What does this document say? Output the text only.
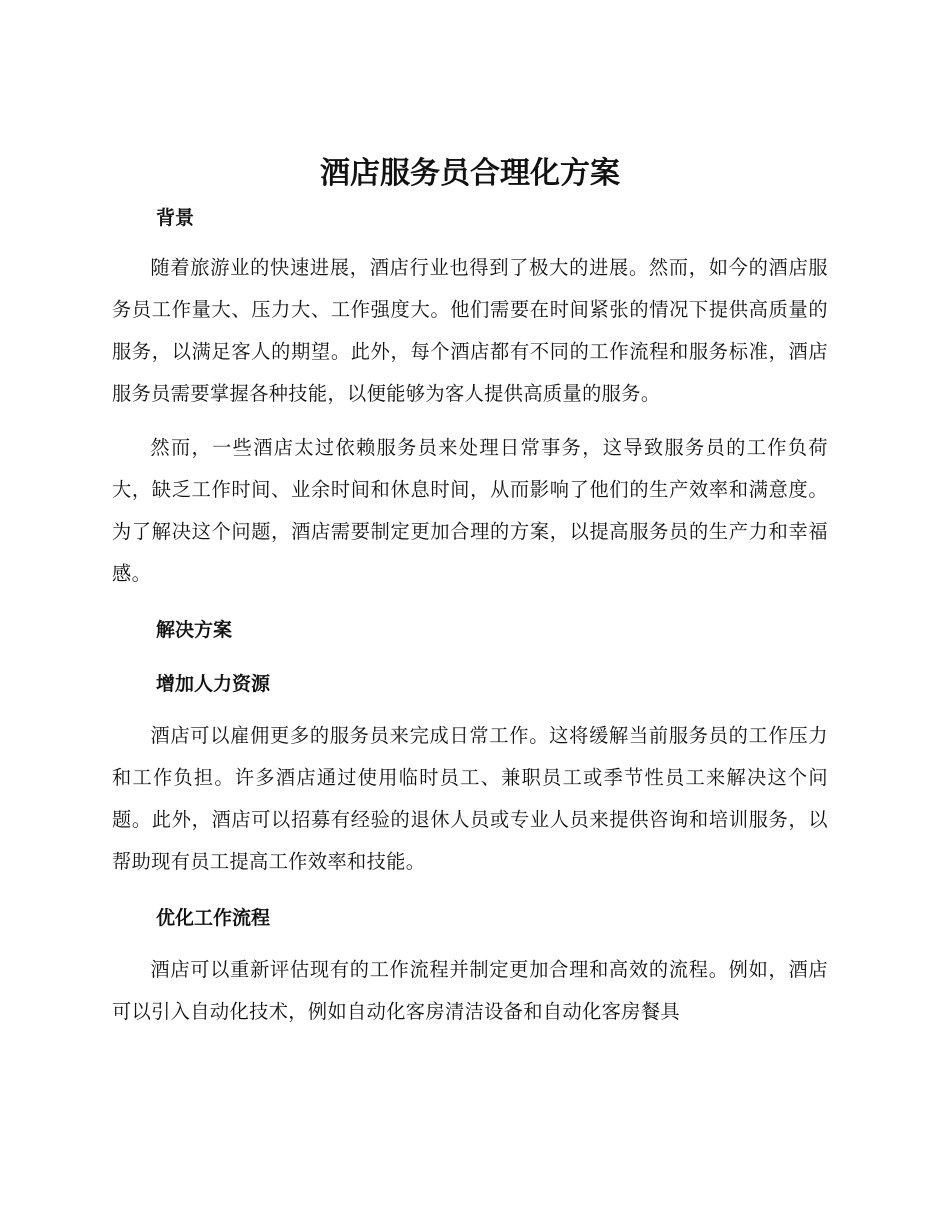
酒店服务员合理化方案
背景

随着旅游业的快速进展，酒店行业也得到了极大的进展。然而，如今的酒店服务员工作量大、压力大、工作强度大。他们需要在时间紧张的情况下提供高质量的服务，以满足客人的期望。此外，每个酒店都有不同的工作流程和服务标准，酒店服务员需要掌握各种技能，以便能够为客人提供高质量的服务。

然而，一些酒店太过依赖服务员来处理日常事务，这导致服务员的工作负荷大，缺乏工作时间、业余时间和休息时间，从而影响了他们的生产效率和满意度。为了解决这个问题，酒店需要制定更加合理的方案，以提高服务员的生产力和幸福感。

解决方案
增加人力资源

酒店可以雇佣更多的服务员来完成日常工作。这将缓解当前服务员的工作压力和工作负担。许多酒店通过使用临时员工、兼职员工或季节性员工来解决这个问题。此外，酒店可以招募有经验的退休人员或专业人员来提供咨询和培训服务，以帮助现有员工提高工作效率和技能。

优化工作流程

酒店可以重新评估现有的工作流程并制定更加合理和高效的流程。例如，酒店可以引入自动化技术，例如自动化客房清洁设备和自动化客房餐具
